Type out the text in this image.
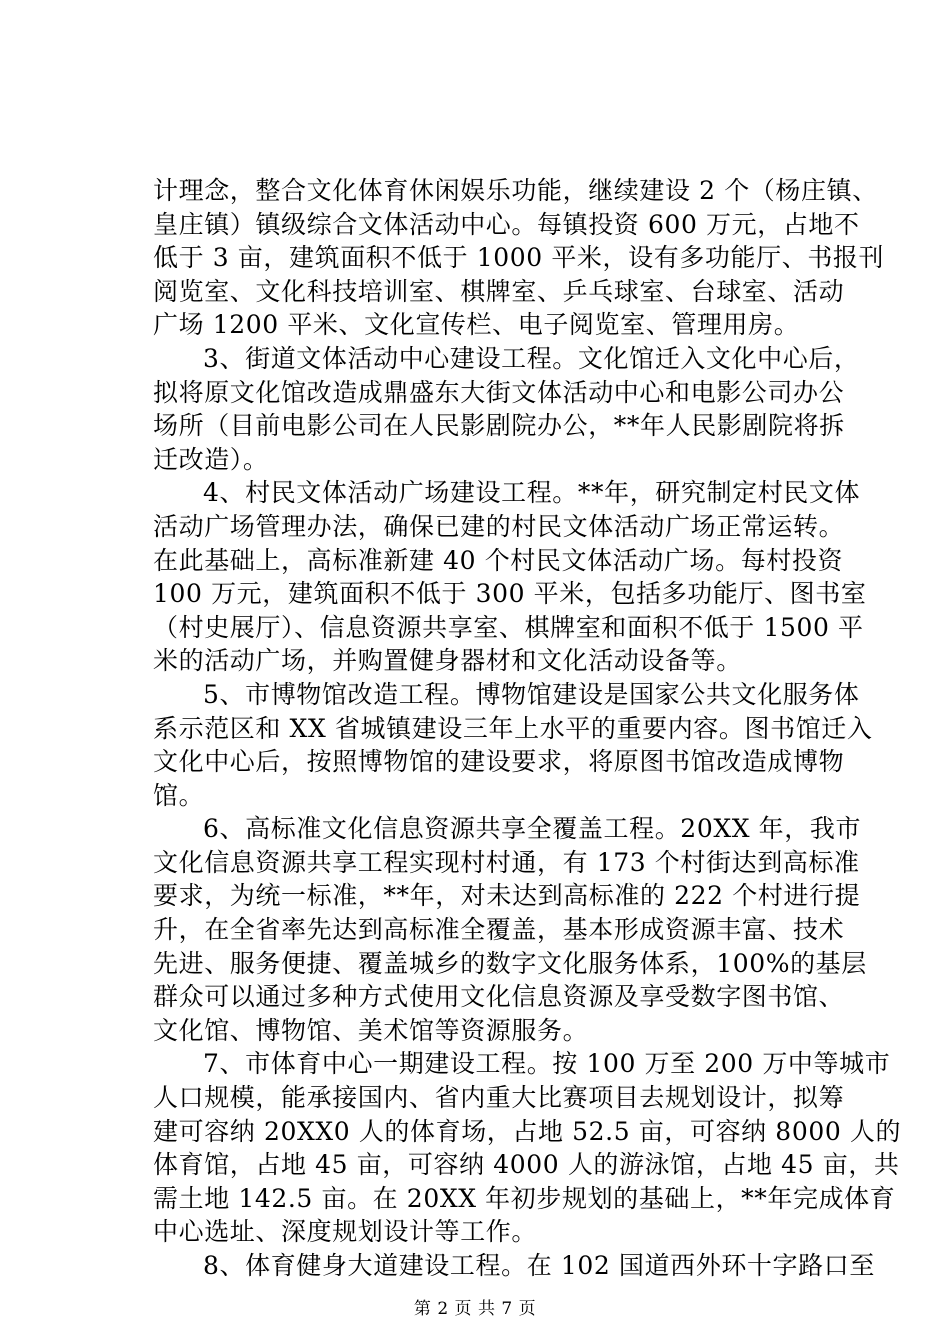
计理念，整合文化体育休闲娱乐功能，继续建设 2 个（杨庄镇、
皇庄镇）镇级综合文体活动中心。每镇投资 600 万元，占地不
低于 3 亩，建筑面积不低于 1000 平米，设有多功能厅、书报刊
阅览室、文化科技培训室、棋牌室、乒乓球室、台球室、活动
广场 1200 平米、文化宣传栏、电子阅览室、管理用房。

3、街道文体活动中心建设工程。文化馆迁入文化中心后，
拟将原文化馆改造成鼎盛东大街文体活动中心和电影公司办公
场所（目前电影公司在人民影剧院办公，**年人民影剧院将拆
迁改造）。

4、村民文体活动广场建设工程。**年，研究制定村民文体
活动广场管理办法，确保已建的村民文体活动广场正常运转。
在此基础上，高标准新建 40 个村民文体活动广场。每村投资
100 万元，建筑面积不低于 300 平米，包括多功能厅、图书室
（村史展厅）、信息资源共享室、棋牌室和面积不低于 1500 平
米的活动广场，并购置健身器材和文化活动设备等。

5、市博物馆改造工程。博物馆建设是国家公共文化服务体
系示范区和 XX 省城镇建设三年上水平的重要内容。图书馆迁入
文化中心后，按照博物馆的建设要求，将原图书馆改造成博物
馆。

6、高标准文化信息资源共享全覆盖工程。20XX 年，我市
文化信息资源共享工程实现村村通，有 173 个村街达到高标准
要求，为统一标准，**年，对未达到高标准的 222 个村进行提
升，在全省率先达到高标准全覆盖，基本形成资源丰富、技术
先进、服务便捷、覆盖城乡的数字文化服务体系，100%的基层
群众可以通过多种方式使用文化信息资源及享受数字图书馆、
文化馆、博物馆、美术馆等资源服务。

7、市体育中心一期建设工程。按 100 万至 200 万中等城市
人口规模，能承接国内、省内重大比赛项目去规划设计，拟筹
建可容纳 20XX0 人的体育场，占地 52.5 亩，可容纳 8000 人的
体育馆，占地 45 亩，可容纳 4000 人的游泳馆，占地 45 亩，共
需土地 142.5 亩。在 20XX 年初步规划的基础上，**年完成体育
中心选址、深度规划设计等工作。

8、体育健身大道建设工程。在 102 国道西外环十字路口至

第 2 页 共 7 页
